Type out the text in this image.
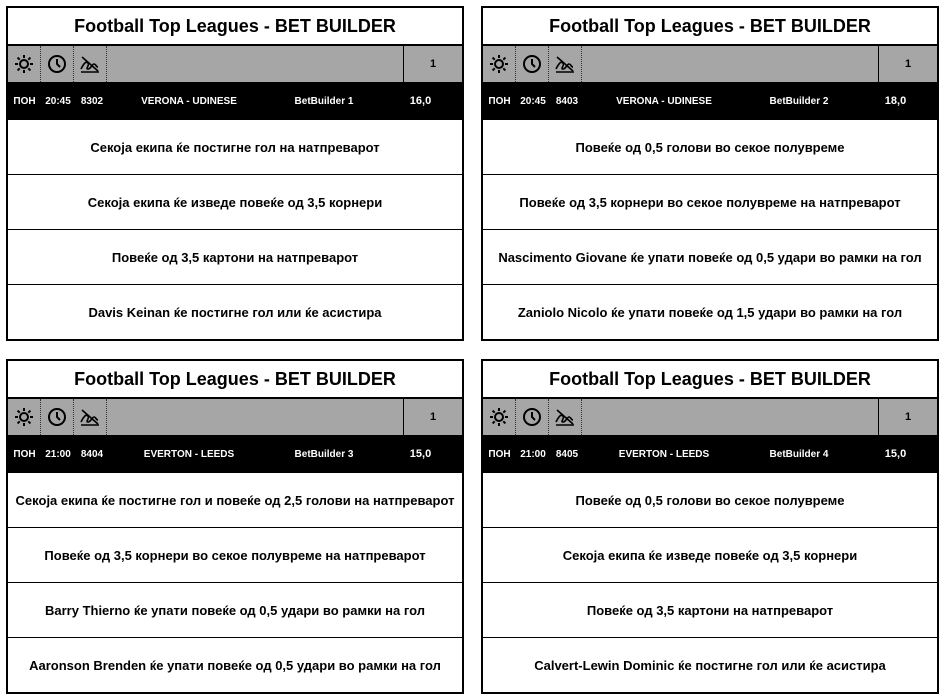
Football Top Leagues - BET BUILDER
1
ПОН 20:45	8302	VERONA - UDINESE	BetBuilder 1	16,0
Секоја екипа ќе постигне гол на натпреварот
Секоја екипа ќе изведе повеќе од 3,5 корнери
Повеќе од 3,5 картони на натпреварот
Davis Keinan ќе постигне гол или ќе асистира
Football Top Leagues - BET BUILDER
1
ПОН 20:45	8403	VERONA - UDINESE	BetBuilder 2	18,0
Повеќе од 0,5 голови во секое полувреме
Повеќе од 3,5 корнери во секое полувреме на натпреварот
Nascimento Giovane ќе упати повеќе од 0,5 удари во рамки на гол
Zaniolo Nicolo ќе упати повеќе од 1,5 удари во рамки на гол
Football Top Leagues - BET BUILDER
1
ПОН 21:00	8404	EVERTON - LEEDS	BetBuilder 3	15,0
Секоја екипа ќе постигне гол и повеќе од 2,5 голови на натпреварот
Повеќе од 3,5 корнери во секое полувреме на натпреварот
Barry Thierno ќе упати повеќе од 0,5 удари во рамки на гол
Aaronson Brenden ќе упати повеќе од 0,5 удари во рамки на гол
Football Top Leagues - BET BUILDER
1
ПОН 21:00	8405	EVERTON - LEEDS	BetBuilder 4	15,0
Повеќе од 0,5 голови во секое полувреме
Секоја екипа ќе изведе повеќе од 3,5 корнери
Повеќе од 3,5 картони на натпреварот
Calvert-Lewin Dominic ќе постигне гол или ќе асистира
